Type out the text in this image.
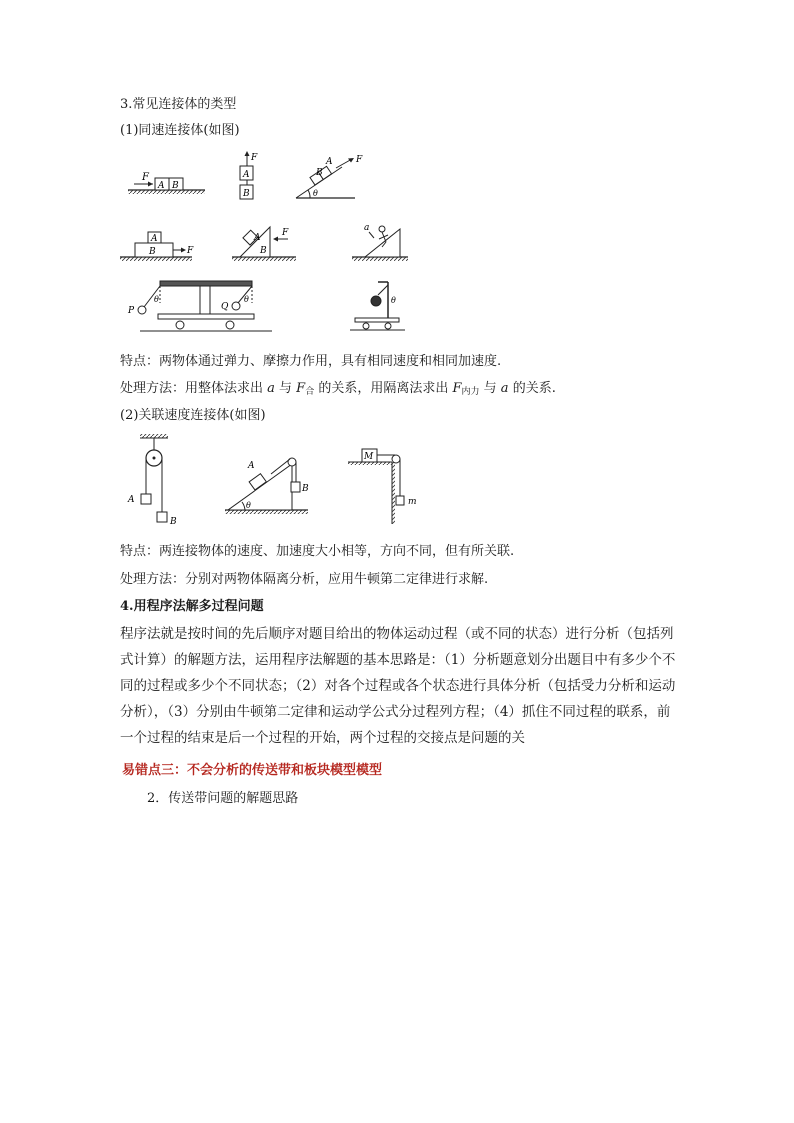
3.常见连接体的类型
(1)同速连接体(如图)
F
A B
F
A
B
F
B
A
θ
A
B	F
A
B
F	a
P
θ
Q
θ	θ
特点：两物体通过弹力、摩擦力作用，具有相同速度和相同加速度.
处理方法：用整体法求出 a 与 $F_合$ 的关系，用隔离法求出 $F_{内力}$ 与 a 的关系.
(2)关联速度连接体(如图)
A
B
A
B
θ
M
m
特点：两连接物体的速度、加速度大小相等，方向不同，但有所关联.
处理方法：分别对两物体隔离分析，应用牛顿第二定律进行求解.
4.用程序法解多过程问题
程序法就是按时间的先后顺序对题目给出的物体运动过程（或不同的状态）进行分析（包括列式计算）的解题方法，运用程序法解题的基本思路是：（1）分析题意划分出题目中有多少个不同的过程或多少个不同状态；（2）对各个过程或各个状态进行具体分析（包括受力分析和运动分析），（3）分别由牛顿第二定律和运动学公式分过程列方程；（4）抓住不同过程的联系，前一个过程的结束是后一个过程的开始，两个过程的交接点是问题的关
易错点三：不会分析的传送带和板块模型模型
2．传送带问题的解题思路
